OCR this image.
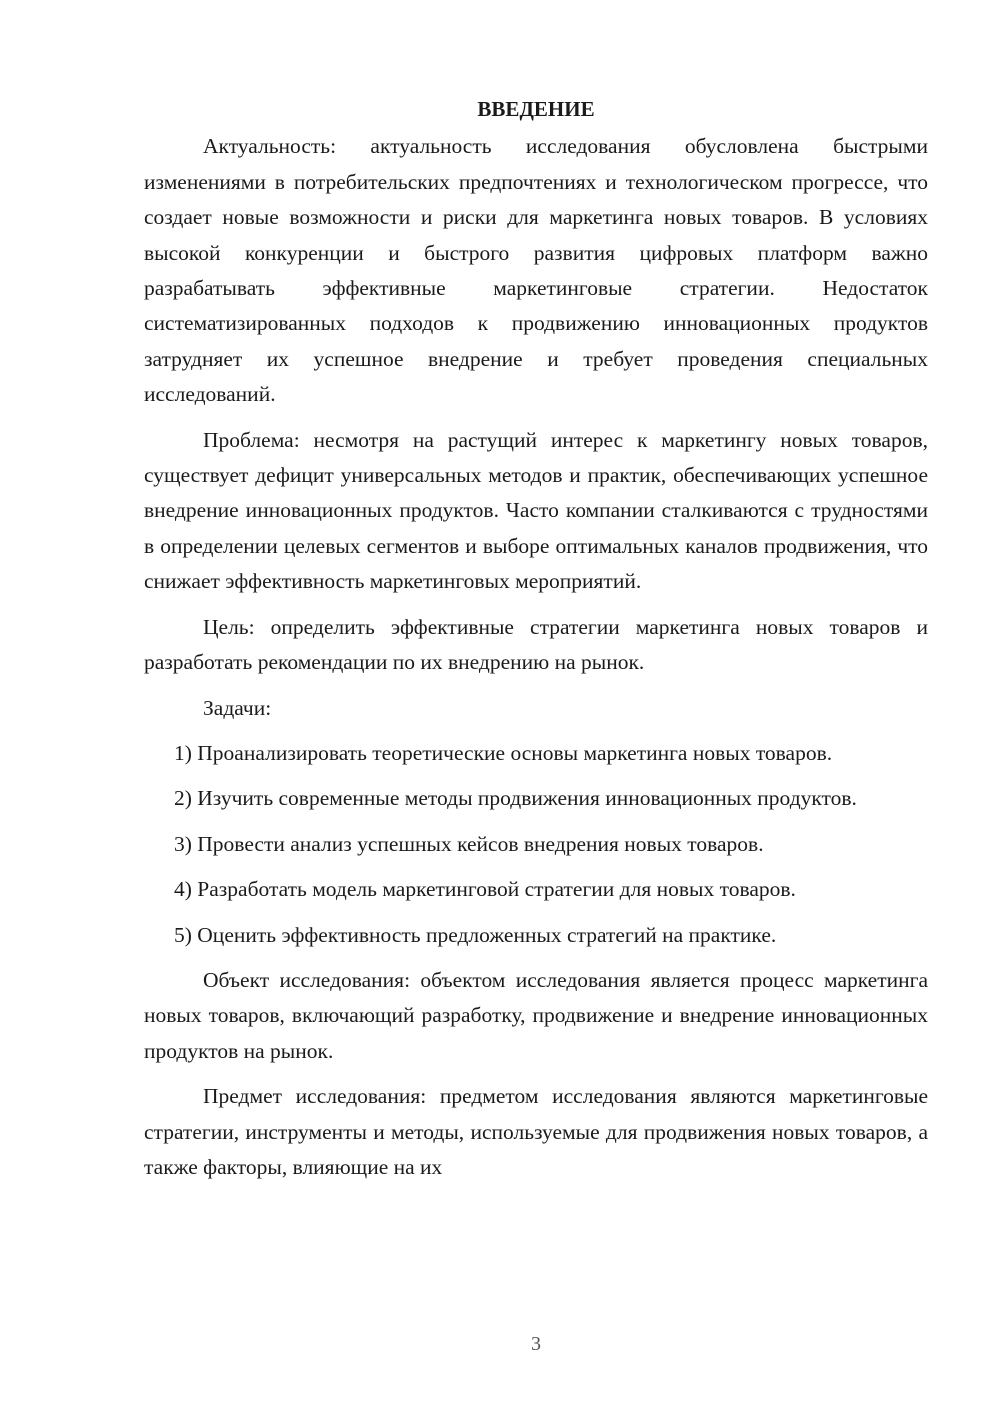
ВВЕДЕНИЕ

Актуальность: актуальность исследования обусловлена быстрыми изменениями в потребительских предпочтениях и технологическом прогрессе, что создает новые возможности и риски для маркетинга новых товаров. В условиях высокой конкуренции и быстрого развития цифровых платформ важно разрабатывать эффективные маркетинговые стратегии. Недостаток систематизированных подходов к продвижению инновационных продуктов затрудняет их успешное внедрение и требует проведения специальных исследований.

Проблема: несмотря на растущий интерес к маркетингу новых товаров, существует дефицит универсальных методов и практик, обеспечивающих успешное внедрение инновационных продуктов. Часто компании сталкиваются с трудностями в определении целевых сегментов и выборе оптимальных каналов продвижения, что снижает эффективность маркетинговых мероприятий.

Цель: определить эффективные стратегии маркетинга новых товаров и разработать рекомендации по их внедрению на рынок.

Задачи:

1) Проанализировать теоретические основы маркетинга новых товаров.

2) Изучить современные методы продвижения инновационных продуктов.

3) Провести анализ успешных кейсов внедрения новых товаров.

4) Разработать модель маркетинговой стратегии для новых товаров.

5) Оценить эффективность предложенных стратегий на практике.

Объект исследования: объектом исследования является процесс маркетинга новых товаров, включающий разработку, продвижение и внедрение инновационных продуктов на рынок.

Предмет исследования: предметом исследования являются маркетинговые стратегии, инструменты и методы, используемые для продвижения новых товаров, а также факторы, влияющие на их

3
